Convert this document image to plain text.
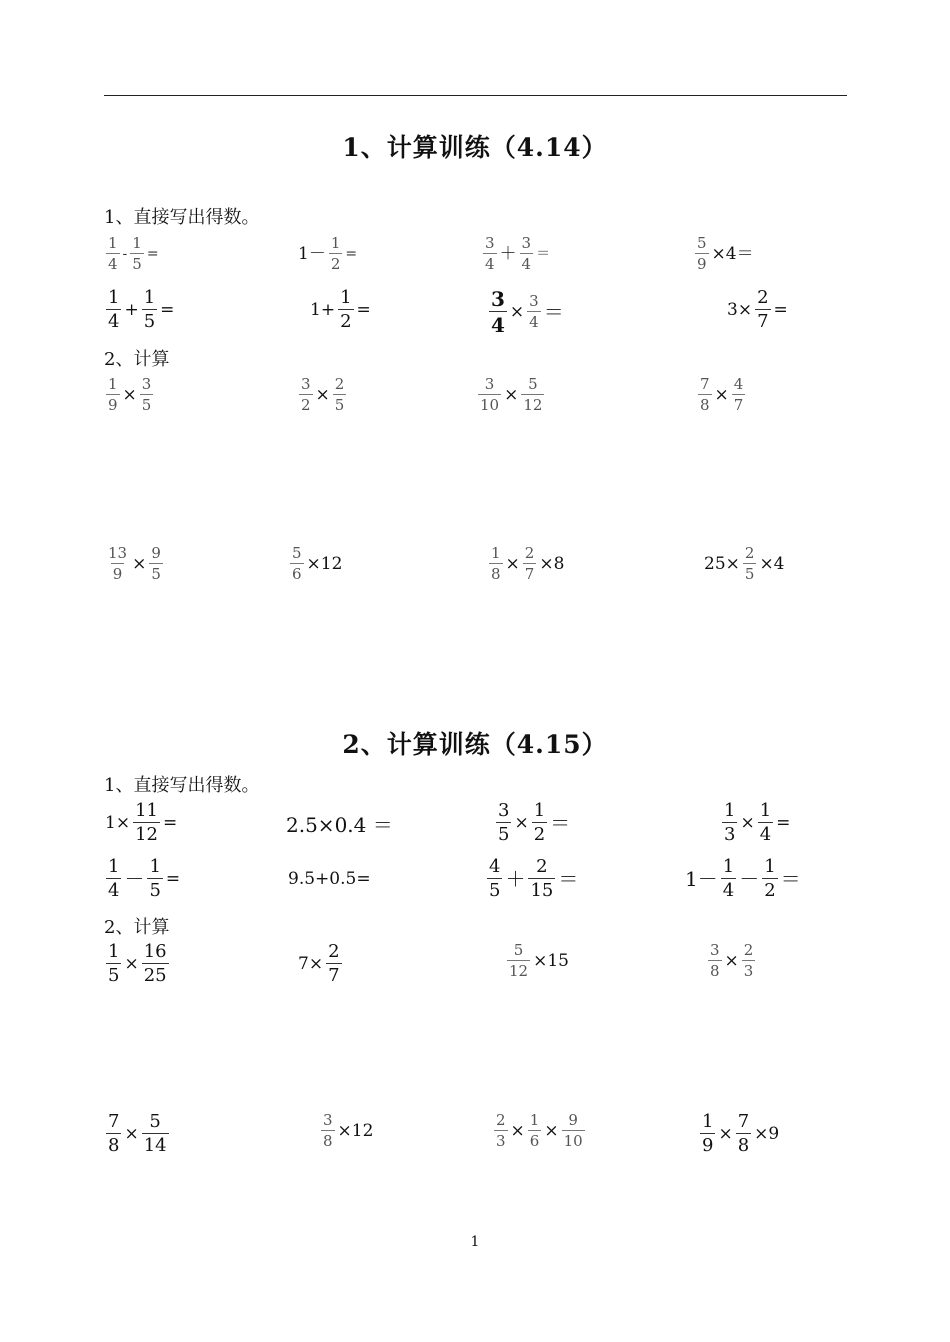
1、计算训练（4.14）
1、直接写出得数。
2、计算
$\frac{1}{4} - \frac{1}{5}$ =	$1- \frac{1}{2}$ =	$\frac{3}{4} + \frac{3}{4}$ ＝	$\frac{5}{9} \times 4=$
$\frac{1}{4} + \frac{1}{5}$ =	$1+ \frac{1}{2}$ =	$\frac{3}{4} \times \frac{3}{4}$ ＝	$3\times \frac{2}{7}$ =
$\frac{1}{9} \times \frac{3}{5}$	$\frac{3}{2} \times \frac{2}{5}$	$\frac{3}{10} \times \frac{5}{12}$	$\frac{7}{8} \times \frac{4}{7}$
$\frac{13}{9} \times \frac{9}{5}$	$\frac{5}{6} \times 12$	$\frac{1}{8} \times \frac{2}{7} \times 8$	$25\times \frac{2}{5} \times 4$
2、计算训练（4.15）
1、直接写出得数。
2、计算
$1\times \frac{11}{12}$ =	2.5×0.4 ＝	$\frac{3}{5} \times \frac{1}{2}$ ＝	$\frac{1}{3} \times \frac{1}{4}$ =
$\frac{1}{4} - \frac{1}{5}$ =	9.5+0.5=	$\frac{4}{5} + \frac{2}{15}$ ＝	$1- \frac{1}{4} - \frac{1}{2}$ ＝
$\frac{1}{5} \times \frac{16}{25}$	$7\times \frac{2}{7}$	$\frac{5}{12} \times 15$	$\frac{3}{8} \times \frac{2}{3}$
$\frac{7}{8} \times \frac{5}{14}$	$\frac{3}{8} \times 12$	$\frac{2}{3} \times \frac{1}{6} \times \frac{9}{10}$	$\frac{1}{9} \times \frac{7}{8} \times 9$
1
